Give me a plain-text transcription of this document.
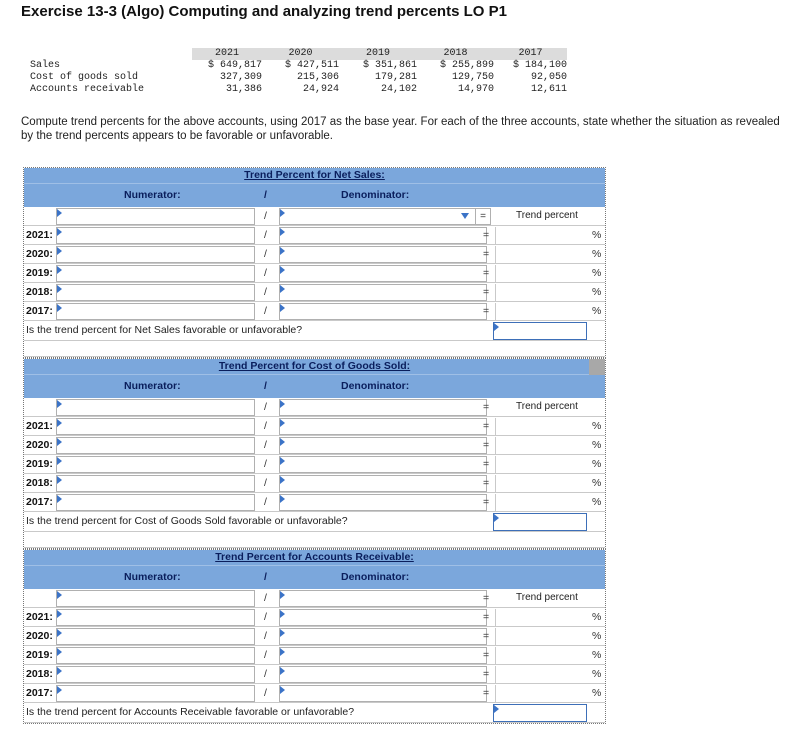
Exercise 13-3 (Algo) Computing and analyzing trend percents LO P1
	2021	2020	2019	2018	2017
Sales	$ 649,817	$ 427,511	$ 351,861	$ 255,899	$ 184,100
Cost of goods sold	327,309	215,306	179,281	129,750	92,050
Accounts receivable	31,386	24,924	24,102	14,970	12,611
Compute trend percents for the above accounts, using 2017 as the base year. For each of the three accounts, state whether the situation as revealed by the trend percents appears to be favorable or unfavorable.
Trend Percent for Net Sales:
Numerator:	/	Denominator:
/	=	Trend percent
2021:	/	=	%
2020:	/	=	%
2019:	/	=	%
2018:	/	=	%
2017:	/	=	%
Is the trend percent for Net Sales favorable or unfavorable?
Trend Percent for Cost of Goods Sold:
Numerator:	/	Denominator:
/	=	Trend percent
2021:	/	=	%
2020:	/	=	%
2019:	/	=	%
2018:	/	=	%
2017:	/	=	%
Is the trend percent for Cost of Goods Sold favorable or unfavorable?
Trend Percent for Accounts Receivable:
Numerator:	/	Denominator:
/	=	Trend percent
2021:	/	=	%
2020:	/	=	%
2019:	/	=	%
2018:	/	=	%
2017:	/	=	%
Is the trend percent for Accounts Receivable favorable or unfavorable?
